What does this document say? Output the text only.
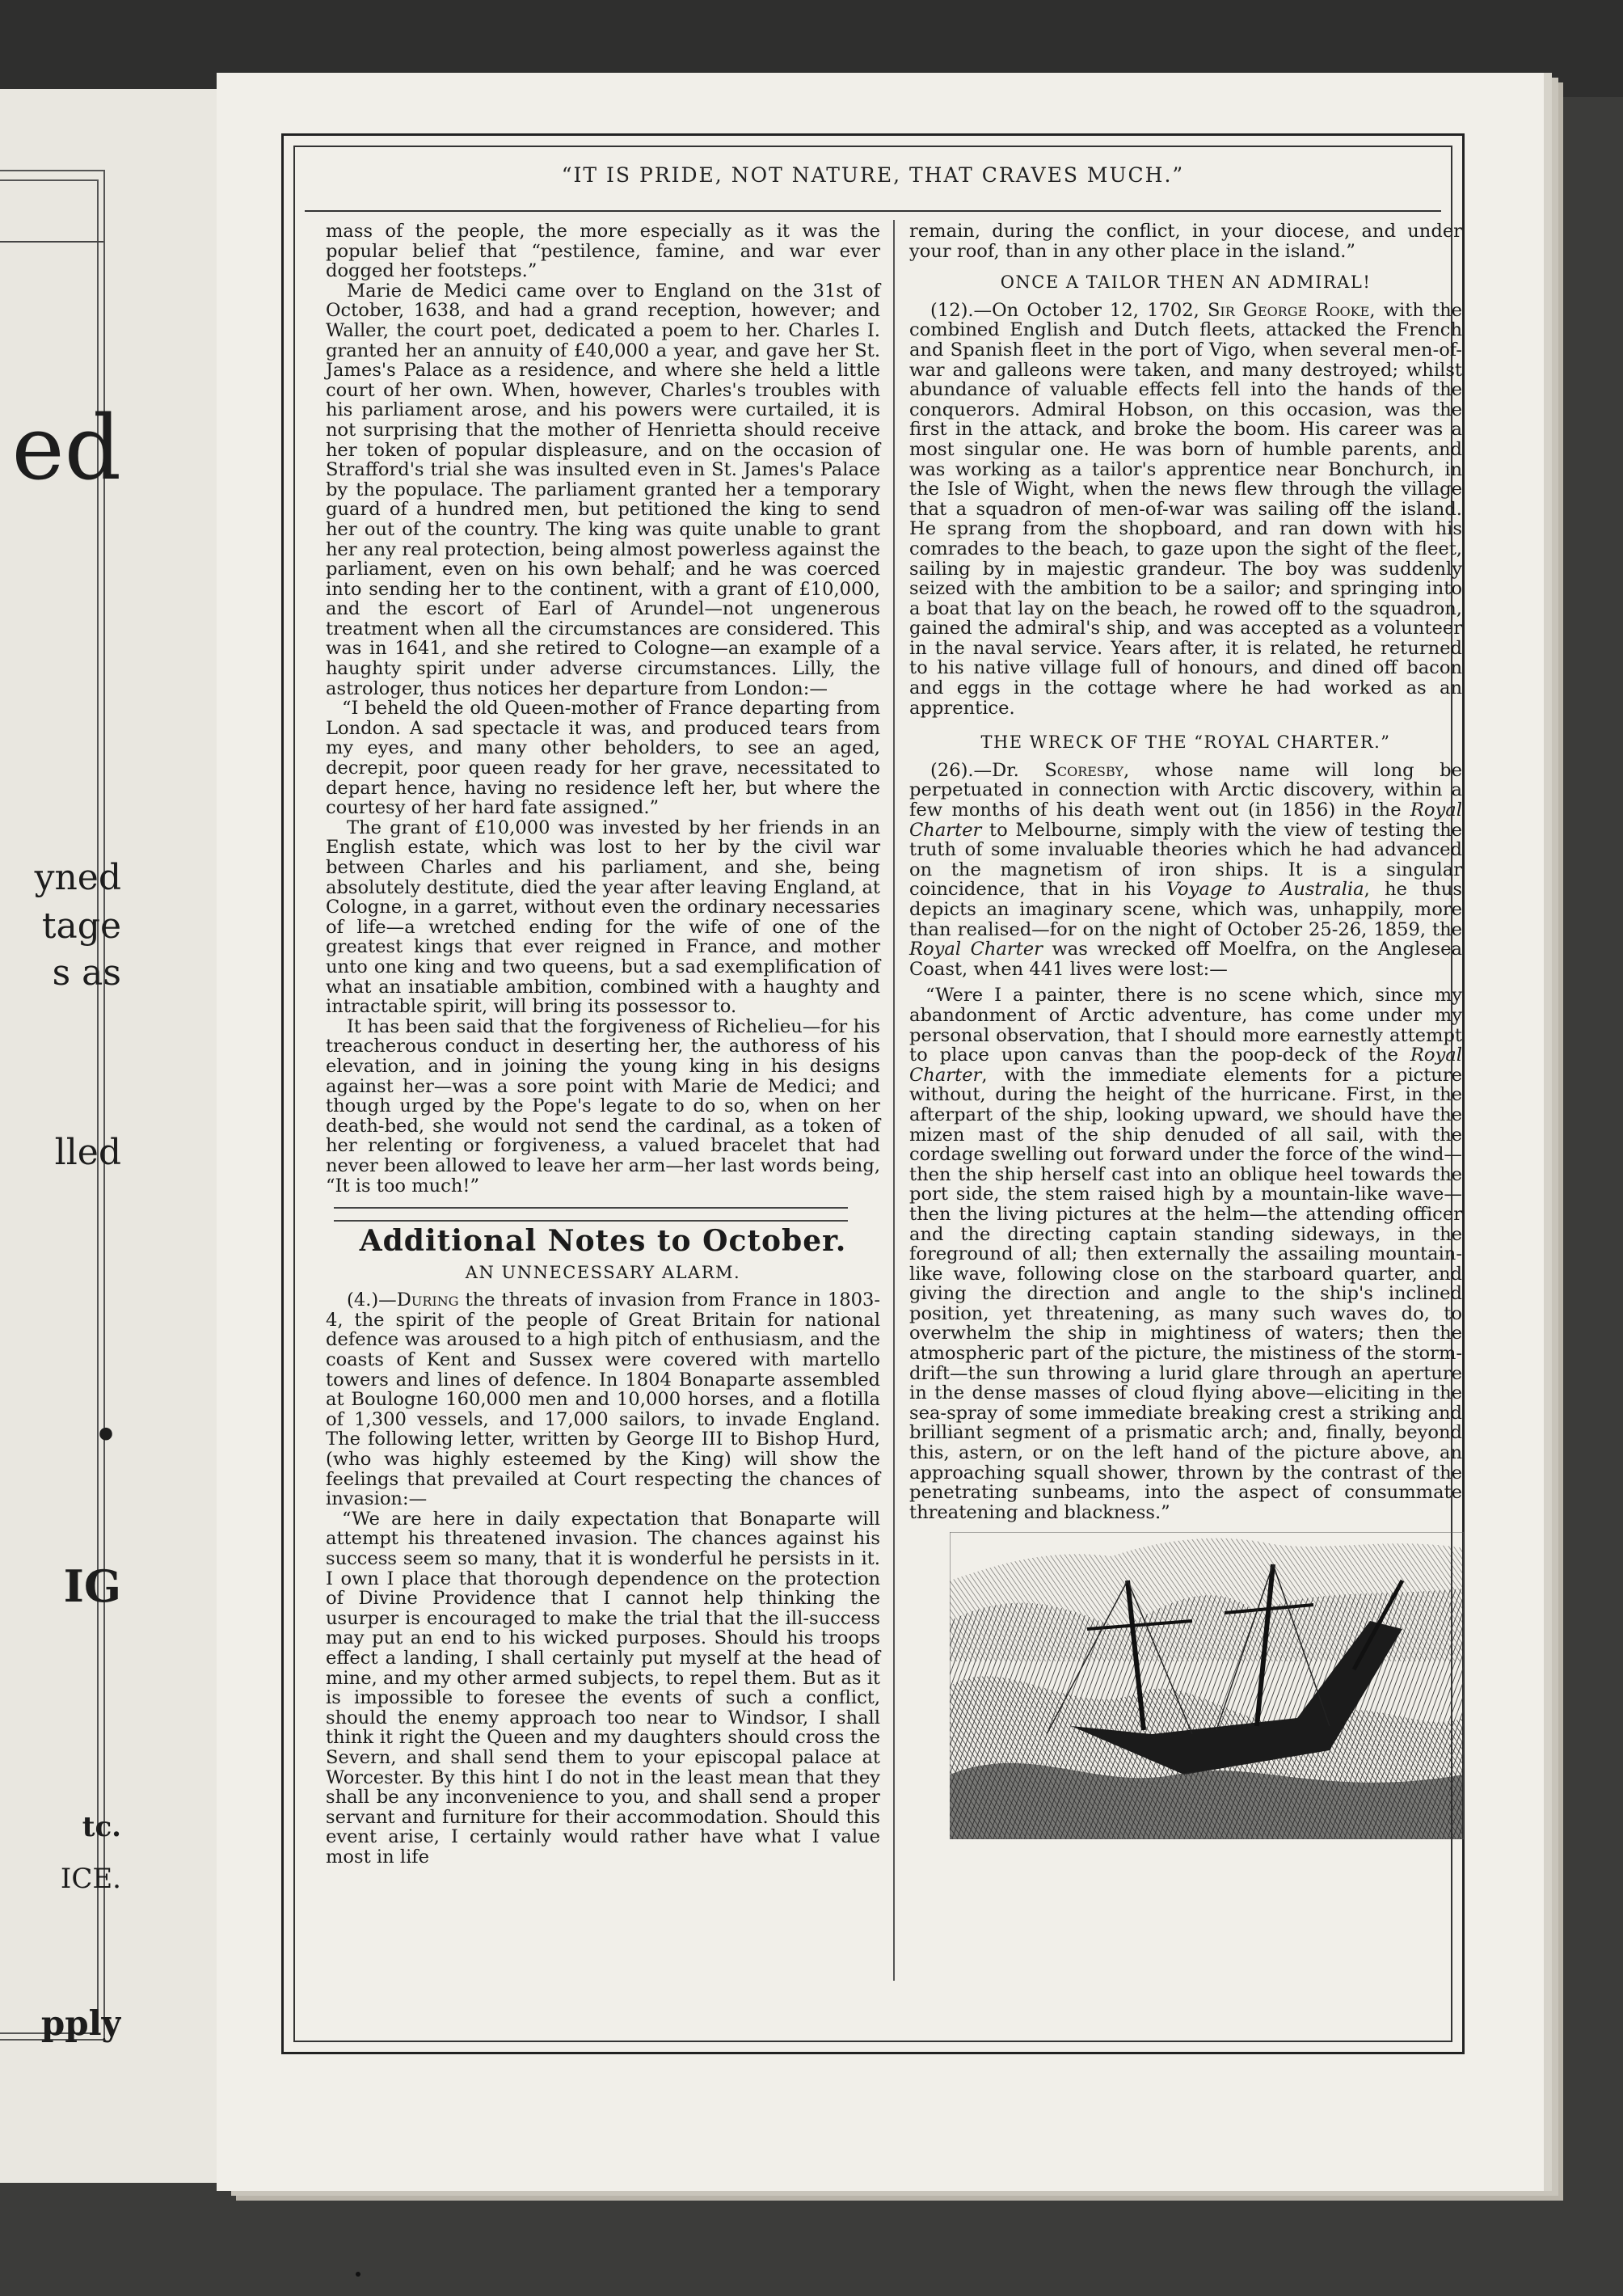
ed
yned
tage
s as
lled
.
IG
tc.
ICE.
pply
“IT IS PRIDE, NOT NATURE, THAT CRAVES MUCH.”

mass of the people, the more especially as it was the popular belief that “pestilence, famine, and war ever dogged her footsteps.”

Marie de Medici came over to England on the 31st of October, 1638, and had a grand reception, however; and Waller, the court poet, dedicated a poem to her. Charles I. granted her an annuity of £40,000 a year, and gave her St. James's Palace as a residence, and where she held a little court of her own. When, however, Charles's troubles with his parliament arose, and his powers were curtailed, it is not surprising that the mother of Henrietta should receive her token of popular displeasure, and on the occasion of Strafford's trial she was insulted even in St. James's Palace by the populace. The parliament granted her a temporary guard of a hundred men, but petitioned the king to send her out of the country. The king was quite unable to grant her any real protection, being almost powerless against the parliament, even on his own behalf; and he was coerced into sending her to the continent, with a grant of £10,000, and the escort of Earl of Arundel—not ungenerous treatment when all the circumstances are considered. This was in 1641, and she retired to Cologne—an example of a haughty spirit under adverse circumstances. Lilly, the astrologer, thus notices her departure from London:—

“I beheld the old Queen-mother of France departing from London. A sad spectacle it was, and produced tears from my eyes, and many other beholders, to see an aged, decrepit, poor queen ready for her grave, necessitated to depart hence, having no residence left her, but where the courtesy of her hard fate assigned.”

The grant of £10,000 was invested by her friends in an English estate, which was lost to her by the civil war between Charles and his parliament, and she, being absolutely destitute, died the year after leaving England, at Cologne, in a garret, without even the ordinary necessaries of life—a wretched ending for the wife of one of the greatest kings that ever reigned in France, and mother unto one king and two queens, but a sad exemplification of what an insatiable ambition, combined with a haughty and intractable spirit, will bring its possessor to.

It has been said that the forgiveness of Richelieu—for his treacherous conduct in deserting her, the authoress of his elevation, and in joining the young king in his designs against her—was a sore point with Marie de Medici; and though urged by the Pope's legate to do so, when on her death-bed, she would not send the cardinal, as a token of her relenting or forgiveness, a valued bracelet that had never been allowed to leave her arm—her last words being, “It is too much!”

Additional Notes to October.
AN UNNECESSARY ALARM.

(4.)—During the threats of invasion from France in 1803-4, the spirit of the people of Great Britain for national defence was aroused to a high pitch of enthusiasm, and the coasts of Kent and Sussex were covered with martello towers and lines of defence. In 1804 Bonaparte assembled at Boulogne 160,000 men and 10,000 horses, and a flotilla of 1,300 vessels, and 17,000 sailors, to invade England. The following letter, written by George III to Bishop Hurd, (who was highly esteemed by the King) will show the feelings that prevailed at Court respecting the chances of invasion:—

“We are here in daily expectation that Bonaparte will attempt his threatened invasion. The chances against his success seem so many, that it is wonderful he persists in it. I own I place that thorough dependence on the protection of Divine Providence that I cannot help thinking the usurper is encouraged to make the trial that the ill-success may put an end to his wicked purposes. Should his troops effect a landing, I shall certainly put myself at the head of mine, and my other armed subjects, to repel them. But as it is impossible to foresee the events of such a conflict, should the enemy approach too near to Windsor, I shall think it right the Queen and my daughters should cross the Severn, and shall send them to your episcopal palace at Worcester. By this hint I do not in the least mean that they shall be any inconvenience to you, and shall send a proper servant and furniture for their accommodation. Should this event arise, I certainly would rather have what I value most in life

remain, during the conflict, in your diocese, and under your roof, than in any other place in the island.”

ONCE A TAILOR THEN AN ADMIRAL!

(12).—On October 12, 1702, Sir George Rooke, with the combined English and Dutch fleets, attacked the French and Spanish fleet in the port of Vigo, when several men-of-war and galleons were taken, and many destroyed; whilst abundance of valuable effects fell into the hands of the conquerors. Admiral Hobson, on this occasion, was the first in the attack, and broke the boom. His career was a most singular one. He was born of humble parents, and was working as a tailor's apprentice near Bonchurch, in the Isle of Wight, when the news flew through the village that a squadron of men-of-war was sailing off the island. He sprang from the shopboard, and ran down with his comrades to the beach, to gaze upon the sight of the fleet, sailing by in majestic grandeur. The boy was suddenly seized with the ambition to be a sailor; and springing into a boat that lay on the beach, he rowed off to the squadron, gained the admiral's ship, and was accepted as a volunteer in the naval service. Years after, it is related, he returned to his native village full of honours, and dined off bacon and eggs in the cottage where he had worked as an apprentice.

THE WRECK OF THE “ROYAL CHARTER.”

(26).—Dr. Scoresby, whose name will long be perpetuated in connection with Arctic discovery, within a few months of his death went out (in 1856) in the Royal Charter to Melbourne, simply with the view of testing the truth of some invaluable theories which he had advanced on the magnetism of iron ships. It is a singular coincidence, that in his Voyage to Australia, he thus depicts an imaginary scene, which was, unhappily, more than realised—for on the night of October 25-26, 1859, the Royal Charter was wrecked off Moelfra, on the Anglesea Coast, when 441 lives were lost:—

“Were I a painter, there is no scene which, since my abandonment of Arctic adventure, has come under my personal observation, that I should more earnestly attempt to place upon canvas than the poop-deck of the Royal Charter, with the immediate elements for a picture without, during the height of the hurricane. First, in the afterpart of the ship, looking upward, we should have the mizen mast of the ship denuded of all sail, with the cordage swelling out forward under the force of the wind—then the ship herself cast into an oblique heel towards the port side, the stem raised high by a mountain-like wave—then the living pictures at the helm—the attending officer and the directing captain standing sideways, in the foreground of all; then externally the assailing mountain-like wave, following close on the starboard quarter, and giving the direction and angle to the ship's inclined position, yet threatening, as many such waves do, to overwhelm the ship in mightiness of waters; then the atmospheric part of the picture, the mistiness of the storm-drift—the sun throwing a lurid glare through an aperture in the dense masses of cloud flying above—eliciting in the sea-spray of some immediate breaking crest a striking and brilliant segment of a prismatic arch; and, finally, beyond this, astern, or on the left hand of the picture above, an approaching squall shower, thrown by the contrast of the penetrating sunbeams, into the aspect of consummate threatening and blackness.”
